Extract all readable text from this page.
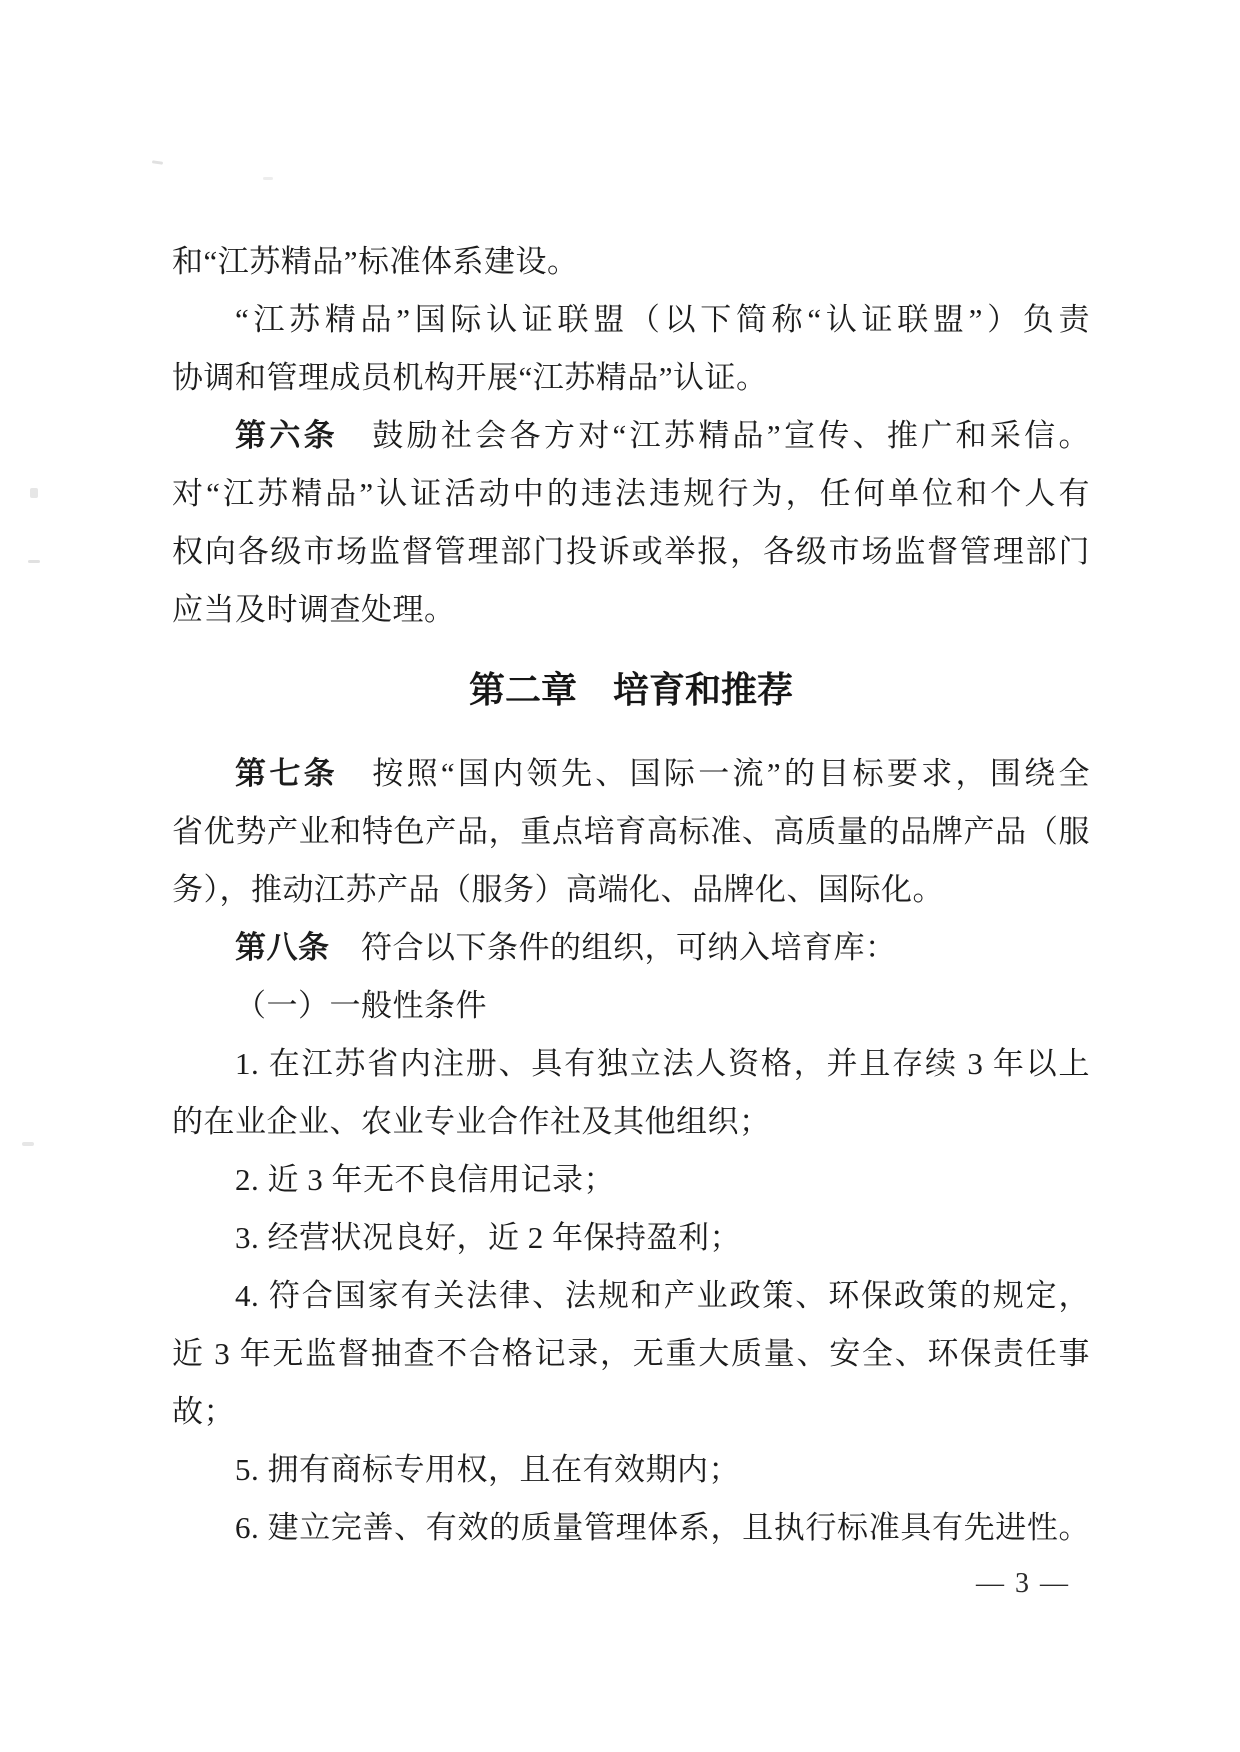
和“江苏精品”标准体系建设。
“江苏精品”国际认证联盟（以下简称“认证联盟”）负责
协调和管理成员机构开展“江苏精品”认证。
第六条　鼓励社会各方对“江苏精品”宣传、推广和采信。
对“江苏精品”认证活动中的违法违规行为，任何单位和个人有
权向各级市场监督管理部门投诉或举报，各级市场监督管理部门
应当及时调查处理。
第二章　培育和推荐
第七条　按照“国内领先、国际一流”的目标要求，围绕全
省优势产业和特色产品，重点培育高标准、高质量的品牌产品（服
务），推动江苏产品（服务）高端化、品牌化、国际化。
第八条　符合以下条件的组织，可纳入培育库：
（一）一般性条件
1. 在江苏省内注册、具有独立法人资格，并且存续 3 年以上
的在业企业、农业专业合作社及其他组织；
2. 近 3 年无不良信用记录；
3. 经营状况良好，近 2 年保持盈利；
4. 符合国家有关法律、法规和产业政策、环保政策的规定，
近 3 年无监督抽查不合格记录，无重大质量、安全、环保责任事
故；
5. 拥有商标专用权，且在有效期内；
6. 建立完善、有效的质量管理体系，且执行标准具有先进性。
— 3 —
